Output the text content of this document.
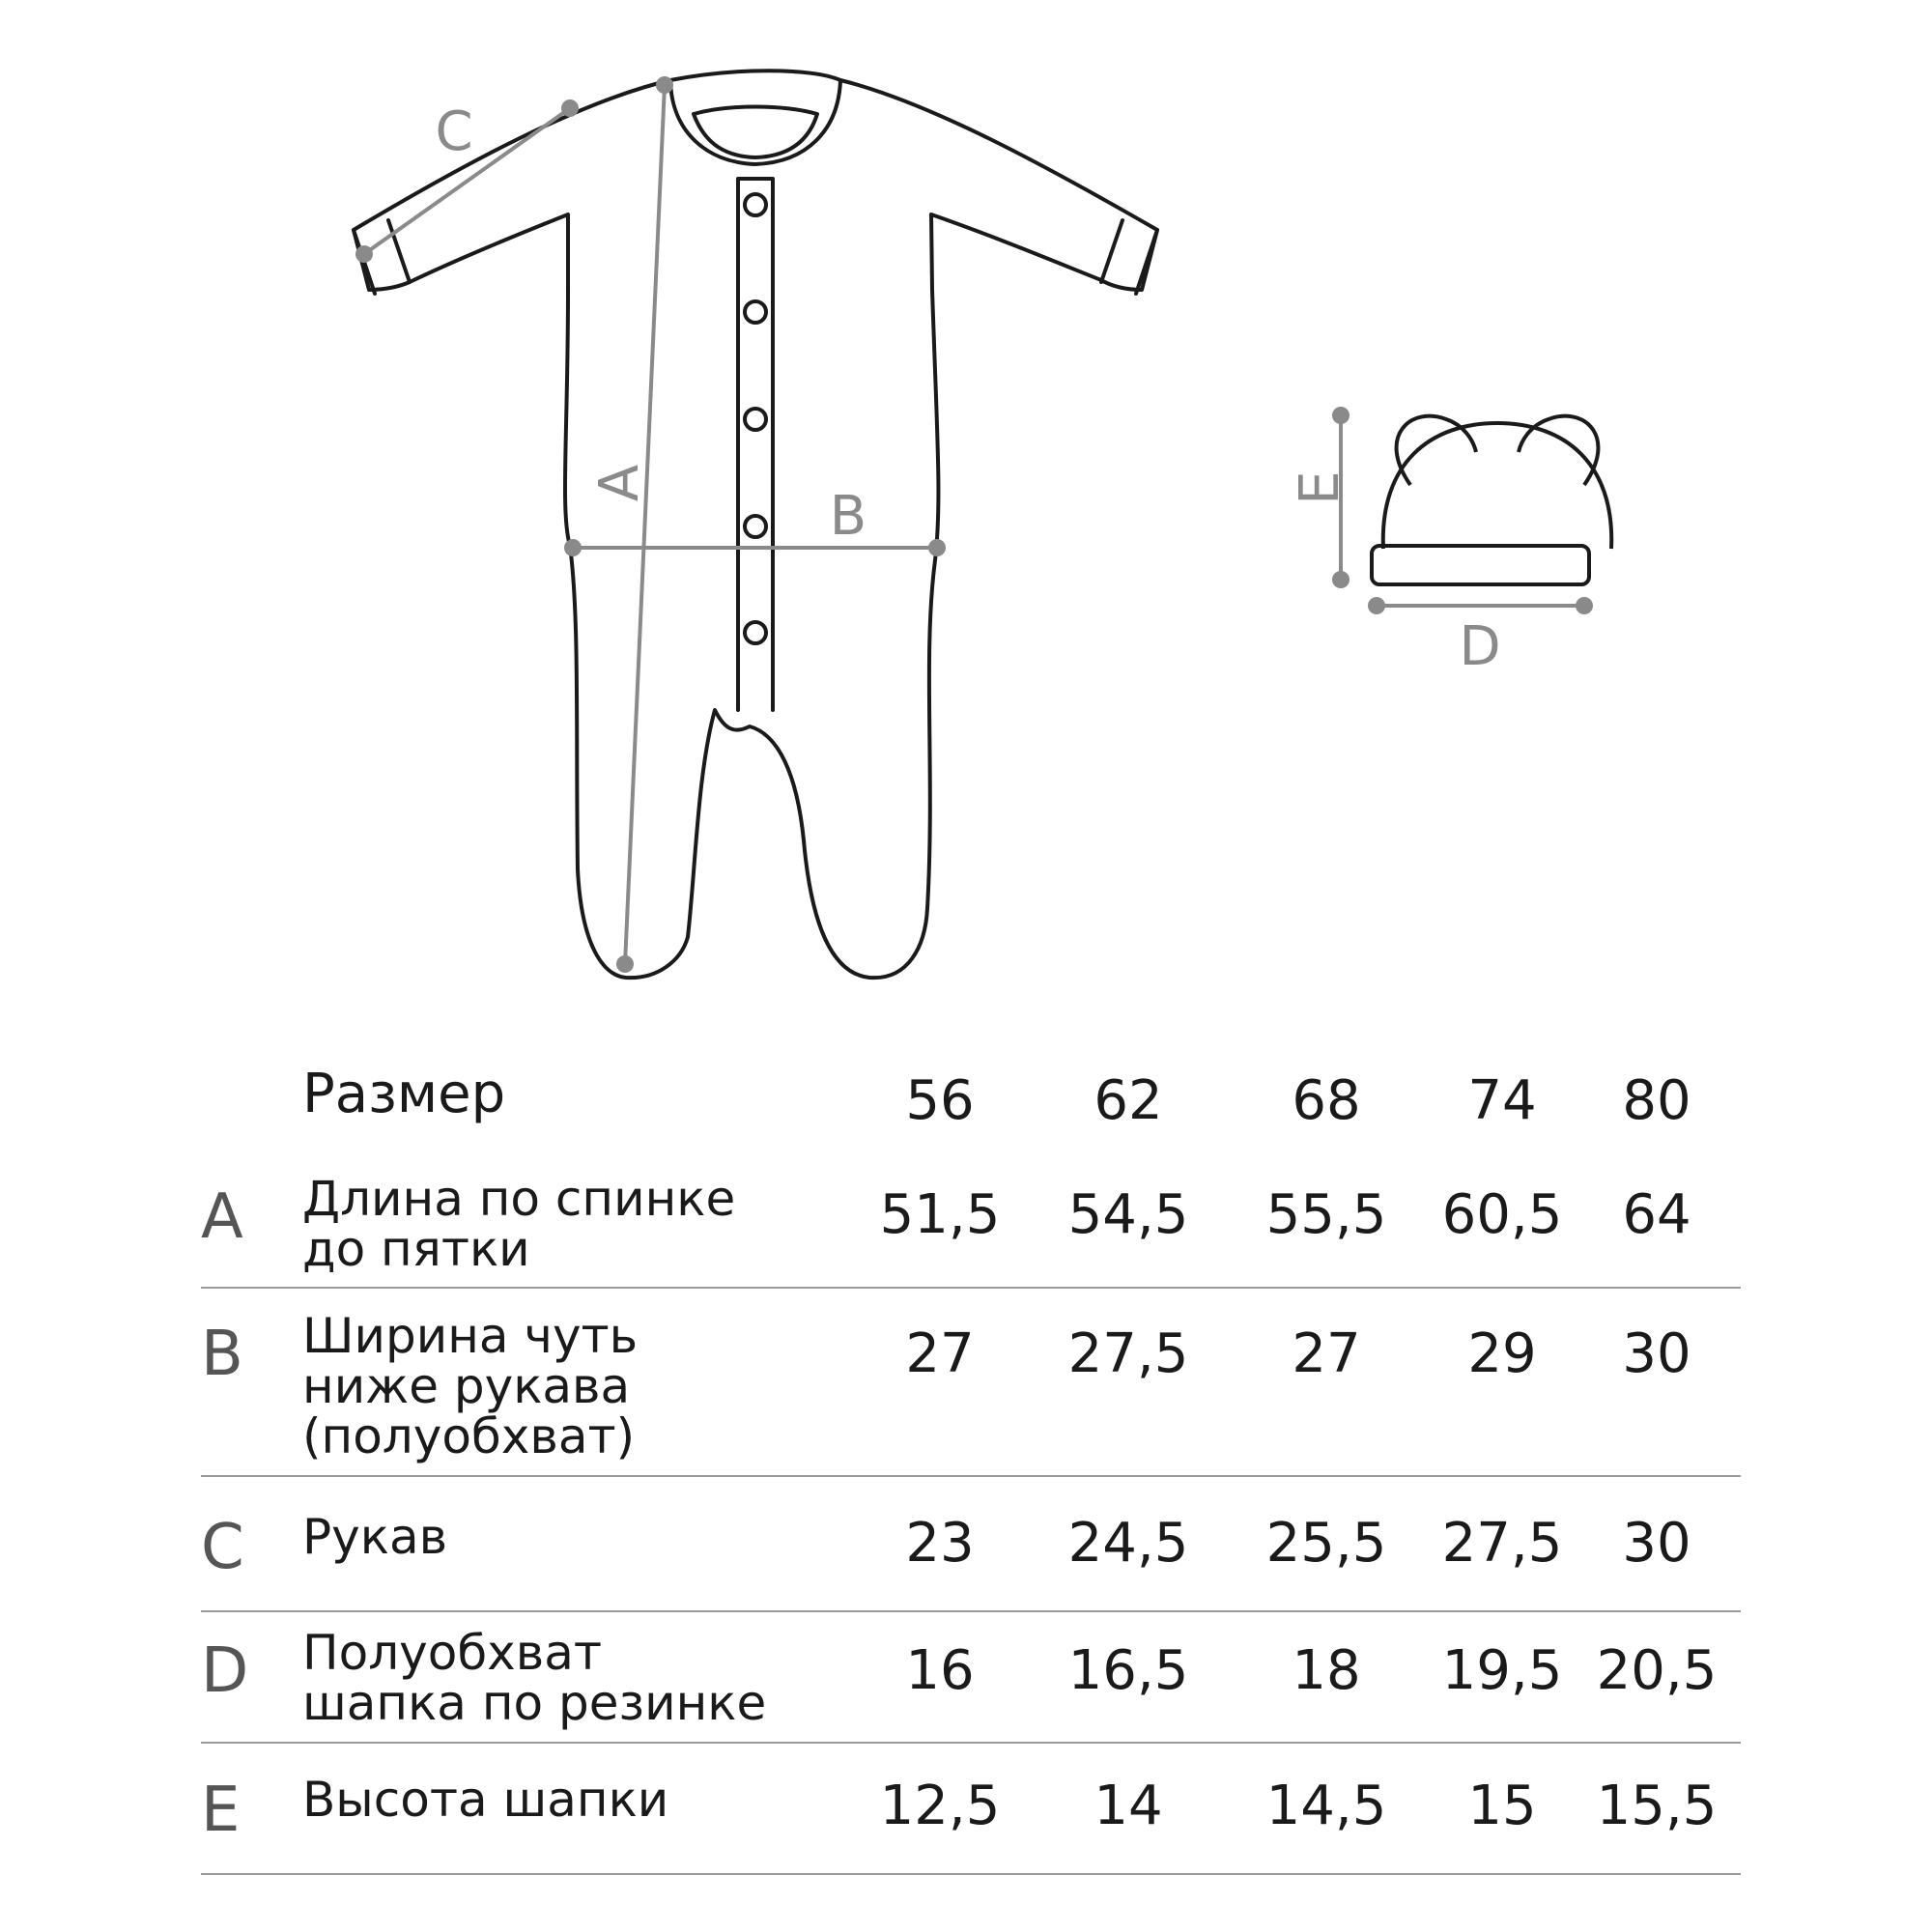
A
B
C
E
D
Размер	56	62	68	74	80
A	Длина по спинке
до пятки
51,5	54,5	55,5	60,5	64
B	Ширина чуть
ниже рукава
(полуобхват)
27	27,5	27	29	30
C	Рукав	23	24,5	25,5	27,5	30
D	Полуобхват
шапка по резинке
16	16,5	18	19,5 20,5
E	Высота шапки	12,5	14	14,5	15	15,5
